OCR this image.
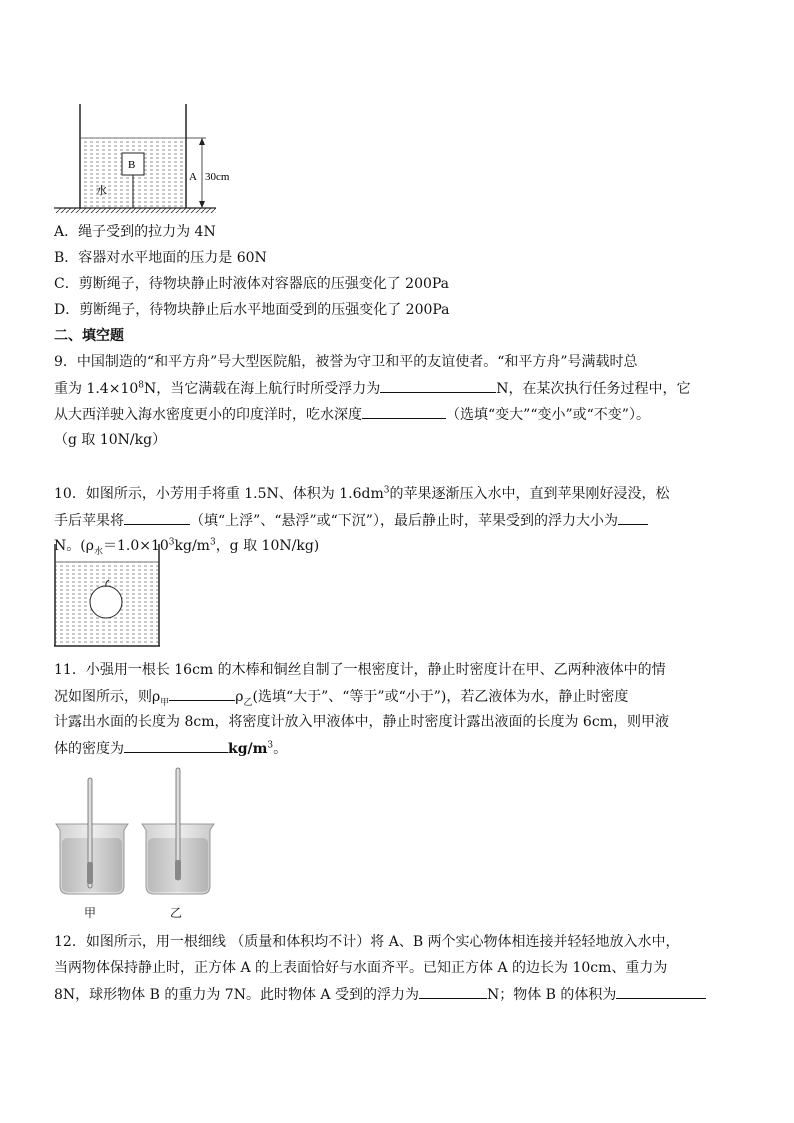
B
水
A 30cm
A．绳子受到的拉力为 4N
B．容器对水平地面的压力是 60N
C．剪断绳子，待物块静止时液体对容器底的压强变化了 200Pa
D．剪断绳子，待物块静止后水平地面受到的压强变化了 200Pa
二、填空题
9．中国制造的“和平方舟”号大型医院船，被誉为守卫和平的友谊使者。“和平方舟”号满载时总
重为 $1.4\times 10^8N$，当它满载在海上航行时所受浮力为	N，在某次执行任务过程中，它
从大西洋驶入海水密度更小的印度洋时，吃水深度	（选填“变大”“变小”或“不变”）。
（g 取 10N/kg）
10．如图所示，小芳用手将重 1.5N、体积为 $1.6dm^3$的苹果逐渐压入水中，直到苹果刚好浸没，松
手后苹果将	（填“上浮”、“悬浮”或“下沉”），最后静止时，苹果受到的浮力大小为
N。($\rho_水=1.0\times 10^3kg/m^3$，g 取 10N/kg)
11．小强用一根长 16cm 的木棒和铜丝自制了一根密度计，静止时密度计在甲、乙两种液体中的情
况如图所示，则$\rho_甲$	$\rho_乙$(选填“大于”、“等于”或“小于”)，若乙液体为水，静止时密度
计露出水面的长度为 8cm，将密度计放入甲液体中，静止时密度计露出液面的长度为 6cm，则甲液
体的密度为	$kg/m^3$。
甲	乙
12．如图所示，用一根细线 （质量和体积均不计）将 A、B 两个实心物体相连接并轻轻地放入水中，
当两物体保持静止时，正方体 A 的上表面恰好与水面齐平。已知正方体 A 的边长为 10cm、重力为
8N，球形物体 B 的重力为 7N。此时物体 A 受到的浮力为	N；物体 B 的体积为
